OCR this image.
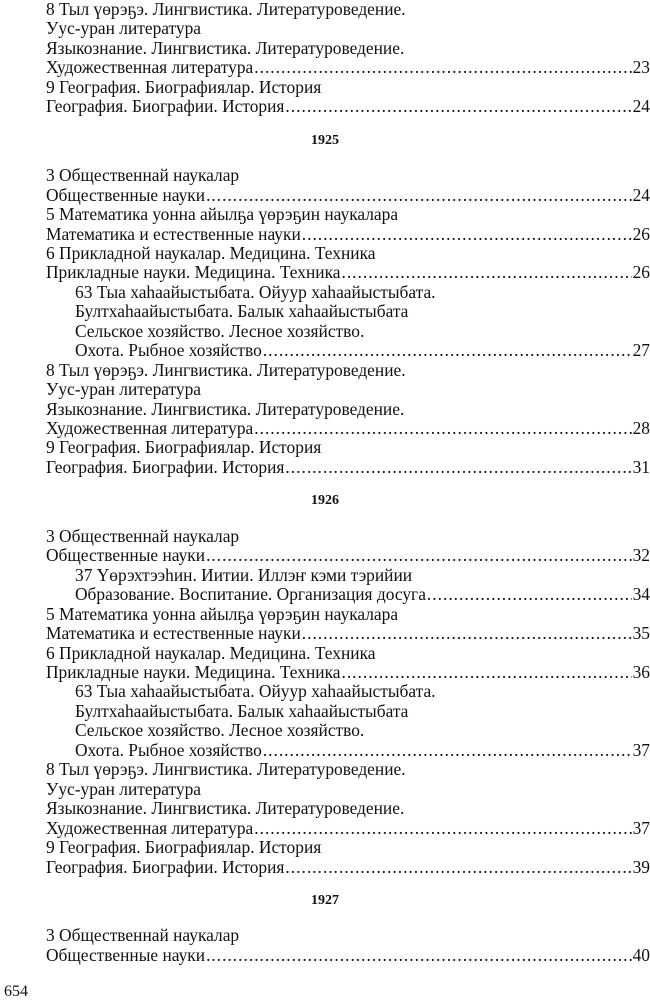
8 Тыл үөрэҕэ. Лингвистика. Литературоведение.
Уус-уран литература
Языкознание. Лингвистика. Литературоведение.
Художественная литература .....	23
9 География. Биографиялар. История
География. Биографии. История .....	24
1925
3 Общественнай наукалар
Общественные науки .....	24
5 Математика уонна айылҕа үөрэҕин наукалара
Математика и естественные науки .....	26
6 Прикладной наукалар. Медицина. Техника
Прикладные науки. Медицина. Техника .....	26
63 Тыа хаһаайыстыбата. Ойуур хаһаайыстыбата.
Бултхаһаайыстыбата. Балык хаһаайыстыбата
Сельское хозяйство. Лесное хозяйство.
Охота. Рыбное хозяйство .....	27
8 Тыл үөрэҕэ. Лингвистика. Литературоведение.
Уус-уран литература
Языкознание. Лингвистика. Литературоведение.
Художественная литература .....	28
9 География. Биографиялар. История
География. Биографии. История .....	31
1926
3 Общественнай наукалар
Общественные науки .....	32
37 Үөрэхтээһин. Иитии. Иллэҥ кэми тэрийии
Образование. Воспитание. Организация досуга .....	34
5 Математика уонна айылҕа үөрэҕин наукалара
Математика и естественные науки .....	35
6 Прикладной наукалар. Медицина. Техника
Прикладные науки. Медицина. Техника .....	36
63 Тыа хаһаайыстыбата. Ойуур хаһаайыстыбата.
Бултхаһаайыстыбата. Балык хаһаайыстыбата
Сельское хозяйство. Лесное хозяйство.
Охота. Рыбное хозяйство .....	37
8 Тыл үөрэҕэ. Лингвистика. Литературоведение.
Уус-уран литература
Языкознание. Лингвистика. Литературоведение.
Художественная литература .....	37
9 География. Биографиялар. История
География. Биографии. История .....	39
1927
3 Общественнай наукалар
Общественные науки .....	40
654
